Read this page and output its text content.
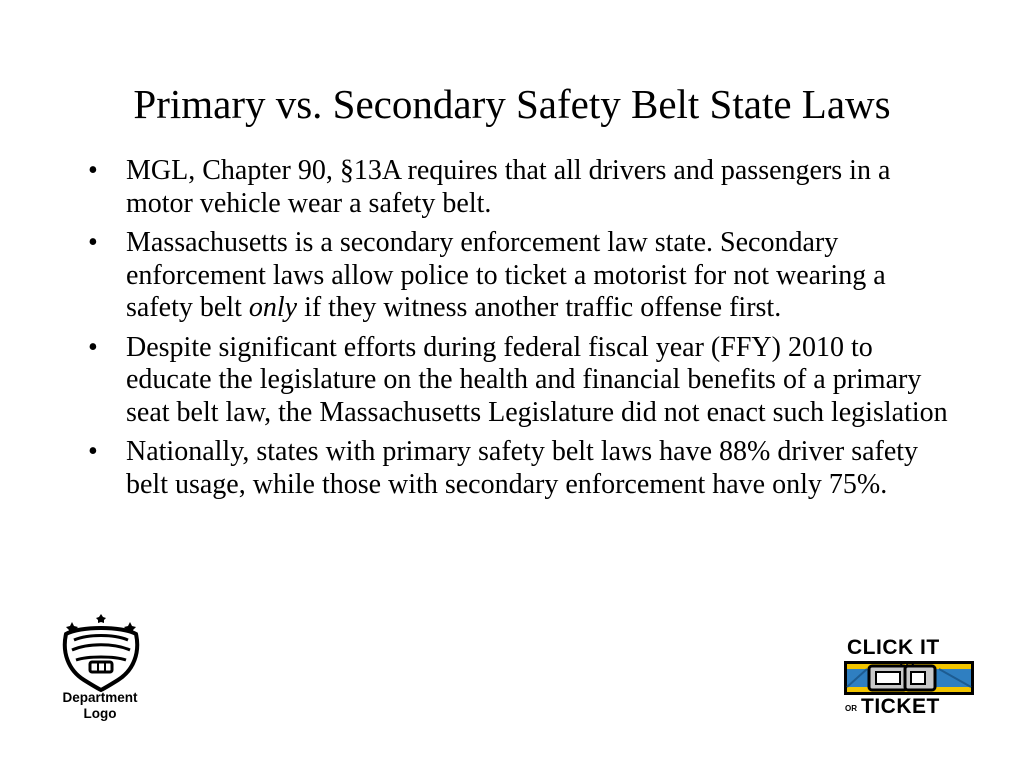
Primary vs. Secondary Safety Belt State Laws
• MGL, Chapter 90, §13A requires that all drivers and passengers in a motor vehicle wear a safety belt.
• Massachusetts is a secondary enforcement law state. Secondary enforcement laws allow police to ticket a motorist for not wearing a safety belt only if they witness another traffic offense first.
• Despite significant efforts during federal fiscal year (FFY) 2010 to educate the legislature on the health and financial benefits of a primary seat belt law, the Massachusetts Legislature did not enact such legislation
• Nationally, states with primary safety belt laws have 88% driver safety belt usage, while those with secondary enforcement have only 75%.
Department
Logo
CLICK IT
OR TICKET
